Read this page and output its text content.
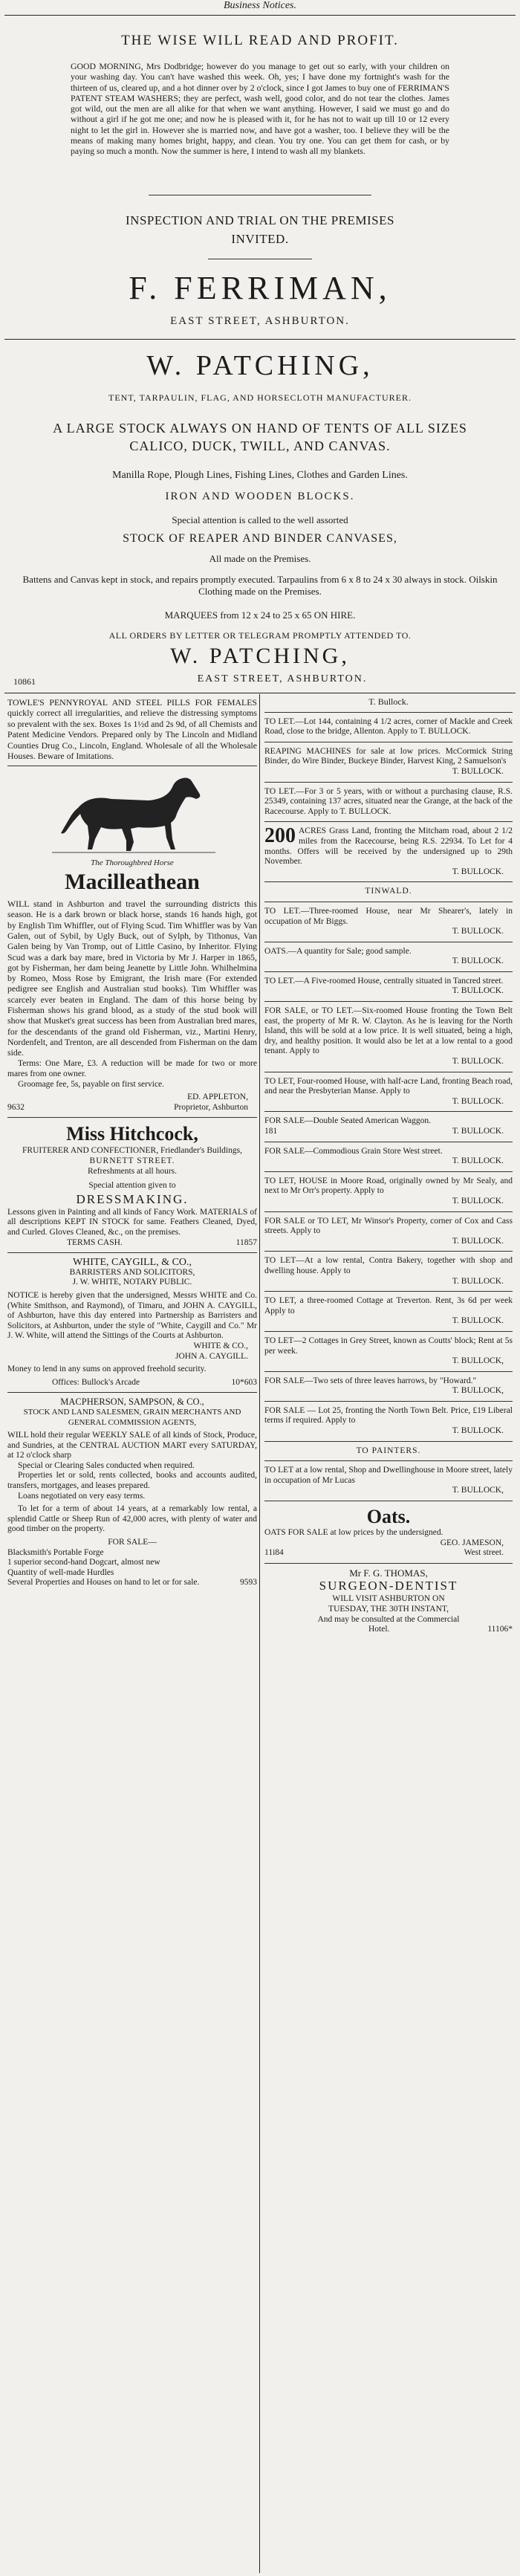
Business Notices.
THE WISE WILL READ AND PROFIT.
GOOD MORNING, Mrs Dodbridge; however do you manage to get out so early, with your children on your washing day. You can't have washed this week. Oh, yes; I have done my fortnight's wash for the thirteen of us, cleared up, and a hot dinner over by 2 o'clock, since I got James to buy one of FERRIMAN'S PATENT STEAM WASHERS; they are perfect, wash well, good color, and do not tear the clothes. James got wild, out the men are all alike for that when we want anything. However, I said we must go and do without a girl if he got me one; and now he is pleased with it, for he has not to wait up till 10 or 12 every night to let the girl in. However she is married now, and have got a washer, too. I believe they will be the means of making many homes bright, happy, and clean. You try one. You can get them for cash, or by paying so much a month. Now the summer is here, I intend to wash all my blankets.
INSPECTION AND TRIAL ON THE PREMISES
INVITED.
F. FERRIMAN,
EAST STREET, ASHBURTON.
W. PATCHING,
TENT, TARPAULIN, FLAG, AND HORSECLOTH MANUFACTURER.
A LARGE STOCK ALWAYS ON HAND OF TENTS OF ALL SIZES
CALICO, DUCK, TWILL, AND CANVAS.
Manilla Rope, Plough Lines, Fishing Lines, Clothes and Garden Lines.
IRON AND WOODEN BLOCKS.
Special attention is called to the well assorted
STOCK OF REAPER AND BINDER CANVASES,
All made on the Premises.
Battens and Canvas kept in stock, and repairs promptly executed. Tarpaulins from 6 x 8 to 24 x 30 always in stock. Oilskin Clothing made on the Premises.
MARQUEES from 12 x 24 to 25 x 65 ON HIRE.
ALL ORDERS BY LETTER OR TELEGRAM PROMPTLY ATTENDED TO.
W. PATCHING,
10861	EAST STREET, ASHBURTON.

TOWLE'S PENNYROYAL AND STEEL PILLS FOR FEMALES quickly correct all irregularities, and relieve the distressing symptoms so prevalent with the sex. Boxes 1s 1½d and 2s 9d, of all Chemists and Patent Medicine Vendors. Prepared only by The Lincoln and Midland Counties Drug Co., Lincoln, England. Wholesale of all the Wholesale Houses. Beware of Imitations.

The Thoroughbred Horse

Macilleathean

WILL stand in Ashburton and travel the surrounding districts this season. He is a dark brown or black horse, stands 16 hands high, got by English Tim Whiffler, out of Flying Scud. Tim Whiffler was by Van Galen, out of Sybil, by Ugly Buck, out of Sylph, by Tithonus, Van Galen being by Van Tromp, out of Little Casino, by Inheritor. Flying Scud was a dark bay mare, bred in Victoria by Mr J. Harper in 1865, got by Fisherman, her dam being Jeanette by Little John. Whilhelmina by Romeo, Moss Rose by Emigrant, the Irish mare (For extended pedigree see English and Australian stud books). Tim Whiffler was scarcely ever beaten in England. The dam of this horse being by Fisherman shows his grand blood, as a study of the stud book will show that Musket's great success has been from Australian bred mares, for the descendants of the grand old Fisherman, viz., Martini Henry, Nordenfelt, and Trenton, are all descended from Fisherman on the dam side.

Terms: One Mare, £3. A reduction will be made for two or more mares from one owner.

Groomage fee, 5s, payable on first service.

ED. APPLETON,

9632	Proprietor, Ashburton

Miss Hitchcock,

FRUITERER AND CONFECTIONER, Friedlander's Buildings,

BURNETT STREET.

Refreshments at all hours.

Special attention given to

DRESSMAKING.

Lessons given in Painting and all kinds of Fancy Work. MATERIALS of all descriptions KEPT IN STOCK for same. Feathers Cleaned, Dyed, and Curled. Gloves Cleaned, &c., on the premises.

TERMS CASH.	11857

WHITE, CAYGILL, & CO.,

BARRISTERS AND SOLICITORS,

J. W. WHITE, NOTARY PUBLIC.

NOTICE is hereby given that the undersigned, Messrs WHITE and Co. (White Smithson, and Raymond), of Timaru, and JOHN A. CAYGILL, of Ashburton, have this day entered into Partnership as Barristers and Solicitors, at Ashburton, under the style of "White, Caygill and Co." Mr J. W. White, will attend the Sittings of the Courts at Ashburton.

WHITE & CO.,

JOHN A. CAYGILL.

Money to lend in any sums on approved freehold security.

Offices: Bullock's Arcade	10*603

MACPHERSON, SAMPSON, & CO.,

STOCK AND LAND SALESMEN, GRAIN MERCHANTS AND GENERAL COMMISSION AGENTS,

WILL hold their regular WEEKLY SALE of all kinds of Stock, Produce, and Sundries, at the CENTRAL AUCTION MART every SATURDAY, at 12 o'clock sharp

Special or Clearing Sales conducted when required.

Properties let or sold, rents collected, books and accounts audited, transfers, mortgages, and leases prepared.

Loans negotiated on very easy terms.

To let for a term of about 14 years, at a remarkably low rental, a splendid Cattle or Sheep Run of 42,000 acres, with plenty of water and good timber on the property.

FOR SALE—

Blacksmith's Portable Forge

1 superior second-hand Dogcart, almost new

Quantity of well-made Hurdles

Several Properties and Houses on hand to let or for sale.	9593

T. Bullock.

TO LET.—Lot 144, containing 4 1/2 acres, corner of Mackle and Creek Road, close to the bridge, Allenton. Apply to T. BULLOCK.

REAPING MACHINES for sale at low prices. McCormick String Binder, do Wire Binder, Buckeye Binder, Harvest King, 2 Samuelson's

T. BULLOCK.

TO LET.—For 3 or 5 years, with or without a purchasing clause, R.S. 25349, containing 137 acres, situated near the Grange, at the back of the Racecourse. Apply to T. BULLOCK.

200 ACRES Grass Land, fronting the Mitcham road, about 2 1/2 miles from the Racecourse, being R.S. 22934. To Let for 4 months. Offers will be received by the undersigned up to 29th November.

T. BULLOCK.

TINWALD.

TO LET.—Three-roomed House, near Mr Shearer's, lately in occupation of Mr Biggs.

T. BULLOCK.

OATS.—A quantity for Sale; good sample.

T. BULLOCK.

TO LET.—A Five-roomed House, centrally situated in Tancred street.

T. BULLOCK.

FOR SALE, or TO LET.—Six-roomed House fronting the Town Belt east, the property of Mr R. W. Clayton. As he is leaving for the North Island, this will be sold at a low price. It is well situated, being a high, dry, and healthy position. It would also be let at a low rental to a good tenant. Apply to

T. BULLOCK.

TO LET, Four-roomed House, with half-acre Land, fronting Beach road, and near the Presbyterian Manse. Apply to

T. BULLOCK.

FOR SALE—Double Seated American Waggon.

181	T. BULLOCK.

FOR SALE—Commodious Grain Store West street.

T. BULLOCK.

TO LET, HOUSE in Moore Road, originally owned by Mr Sealy, and next to Mr Orr's property. Apply to

T. BULLOCK.

FOR SALE or TO LET, Mr Winsor's Property, corner of Cox and Cass streets. Apply to

T. BULLOCK.

TO LET—At a low rental, Contra Bakery, together with shop and dwelling house. Apply to

T. BULLOCK.

TO LET, a three-roomed Cottage at Treverton. Rent, 3s 6d per week Apply to

T. BULLOCK.

TO LET—2 Cottages in Grey Street, known as Coutts' block; Rent at 5s per week.

T. BULLOCK,

FOR SALE—Two sets of three leaves harrows, by "Howard."

T. BULLOCK,

FOR SALE — Lot 25, fronting the North Town Belt. Price, £19 Liberal terms if required. Apply to

T. BULLOCK.

TO PAINTERS.

TO LET at a low rental, Shop and Dwellinghouse in Moore street, lately in occupation of Mr Lucas

T. BULLOCK,

Oats.

OATS FOR SALE at low prices by the undersigned.

GEO. JAMESON,

11i84	West street.

Mr F. G. THOMAS,

SURGEON-DENTIST

WILL VISIT ASHBURTON ON

TUESDAY, THE 30TH INSTANT,

And may be consulted at the Commercial

Hotel.	11106*
